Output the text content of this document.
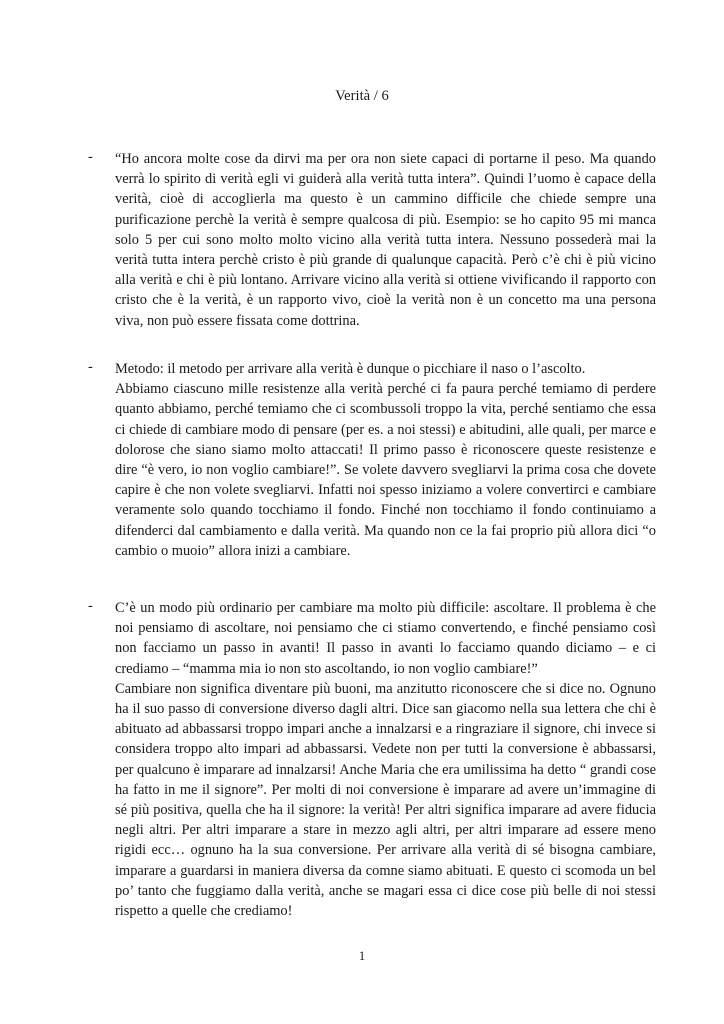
Verità / 6
-	“Ho ancora molte cose da dirvi ma per ora non siete capaci di portarne il peso. Ma quando verrà lo spirito di verità egli vi guiderà alla verità tutta intera”. Quindi l’uomo è capace della verità, cioè di accoglierla ma questo è un cammino difficile che chiede sempre una purificazione perchè la verità è sempre qualcosa di più. Esempio: se ho capito 95 mi manca solo 5 per cui sono molto molto vicino alla verità tutta intera. Nessuno possederà mai la verità tutta intera perchè cristo è più grande di qualunque capacità. Però c’è chi è più vicino alla verità e chi è più lontano. Arrivare vicino alla verità si ottiene vivificando il rapporto con cristo che è la verità, è un rapporto vivo, cioè la verità non è un concetto ma una persona viva, non può essere fissata come dottrina.

-	Metodo: il metodo per arrivare alla verità è dunque o picchiare il naso o l’ascolto.

Abbiamo ciascuno mille resistenze alla verità perché ci fa paura perché temiamo di perdere quanto abbiamo, perché temiamo che ci scombussoli troppo la vita, perché sentiamo che essa ci chiede di cambiare modo di pensare (per es. a noi stessi) e abitudini, alle quali, per marce e dolorose che siano siamo molto attaccati! Il primo passo è riconoscere queste resistenze e dire “è vero, io non voglio cambiare!”. Se volete davvero svegliarvi la prima cosa che dovete capire è che non volete svegliarvi. Infatti noi spesso iniziamo a volere convertirci e cambiare veramente solo quando tocchiamo il fondo. Finché non tocchiamo il fondo continuiamo a difenderci dal cambiamento e dalla verità. Ma quando non ce la fai proprio più allora dici “o cambio o muoio” allora inizi a cambiare.

-	C’è un modo più ordinario per cambiare ma molto più difficile: ascoltare. Il problema è che noi pensiamo di ascoltare, noi pensiamo che ci stiamo convertendo, e finché pensiamo così non facciamo un passo in avanti! Il passo in avanti lo facciamo quando diciamo – e ci crediamo – “mamma mia io non sto ascoltando, io non voglio cambiare!”

Cambiare non significa diventare più buoni, ma anzitutto riconoscere che si dice no. Ognuno ha il suo passo di conversione diverso dagli altri. Dice san giacomo nella sua lettera che chi è abituato ad abbassarsi troppo impari anche a innalzarsi e a ringraziare il signore, chi invece si considera troppo alto impari ad abbassarsi. Vedete non per tutti la conversione è abbassarsi, per qualcuno è imparare ad innalzarsi! Anche Maria che era umilissima ha detto “ grandi cose ha fatto in me il signore”. Per molti di noi conversione è imparare ad avere un’immagine di sé più positiva, quella che ha il signore: la verità! Per altri significa imparare ad avere fiducia negli altri. Per altri imparare a stare in mezzo agli altri, per altri imparare ad essere meno rigidi ecc… ognuno ha la sua conversione. Per arrivare alla verità di sé bisogna cambiare, imparare a guardarsi in maniera diversa da comne siamo abituati. E questo ci scomoda un bel po’ tanto che fuggiamo dalla verità, anche se magari essa ci dice cose più belle di noi stessi rispetto a quelle che crediamo!

1
